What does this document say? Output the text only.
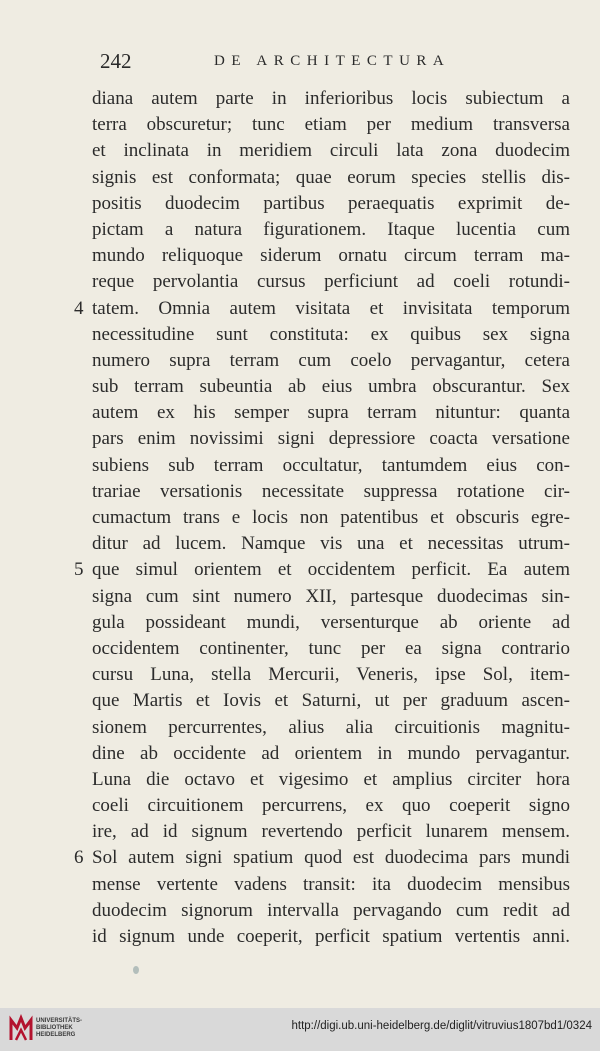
242	DE ARCHITECTURA
diana autem parte in inferioribus locis subiectum a
terra obscuretur; tunc etiam per medium transversa
et inclinata in meridiem circuli lata zona duodecim
signis est conformata; quae eorum species stellis dis-
positis duodecim partibus peraequatis exprimit de-
pictam a natura figurationem. Itaque lucentia cum
mundo reliquoque siderum ornatu circum terram ma-
reque pervolantia cursus perficiunt ad coeli rotundi-
4 tatem. Omnia autem visitata et invisitata temporum
necessitudine sunt constituta: ex quibus sex signa
numero supra terram cum coelo pervagantur, cetera
sub terram subeuntia ab eius umbra obscurantur. Sex
autem ex his semper supra terram nituntur: quanta
pars enim novissimi signi depressiore coacta versatione
subiens sub terram occultatur, tantumdem eius con-
trariae versationis necessitate suppressa rotatione cir-
cumactum trans e locis non patentibus et obscuris egre-
ditur ad lucem. Namque vis una et necessitas utrum-
5 que simul orientem et occidentem perficit. Ea autem
signa cum sint numero XII, partesque duodecimas sin-
gula possideant mundi, versenturque ab oriente ad
occidentem continenter, tunc per ea signa contrario
cursu Luna, stella Mercurii, Veneris, ipse Sol, item-
que Martis et Iovis et Saturni, ut per graduum ascen-
sionem percurrentes, alius alia circuitionis magnitu-
dine ab occidente ad orientem in mundo pervagantur.
Luna die octavo et vigesimo et amplius circiter hora
coeli circuitionem percurrens, ex quo coeperit signo
ire, ad id signum revertendo perficit lunarem mensem.
6 Sol autem signi spatium quod est duodecima pars mundi
mense vertente vadens transit: ita duodecim mensibus
duodecim signorum intervalla pervagando cum redit ad
id signum unde coeperit, perficit spatium vertentis anni.
UNIVERSITÄTS-
BIBLIOTHEK
HEIDELBERG
http://digi.ub.uni-heidelberg.de/diglit/vitruvius1807bd1/0324
